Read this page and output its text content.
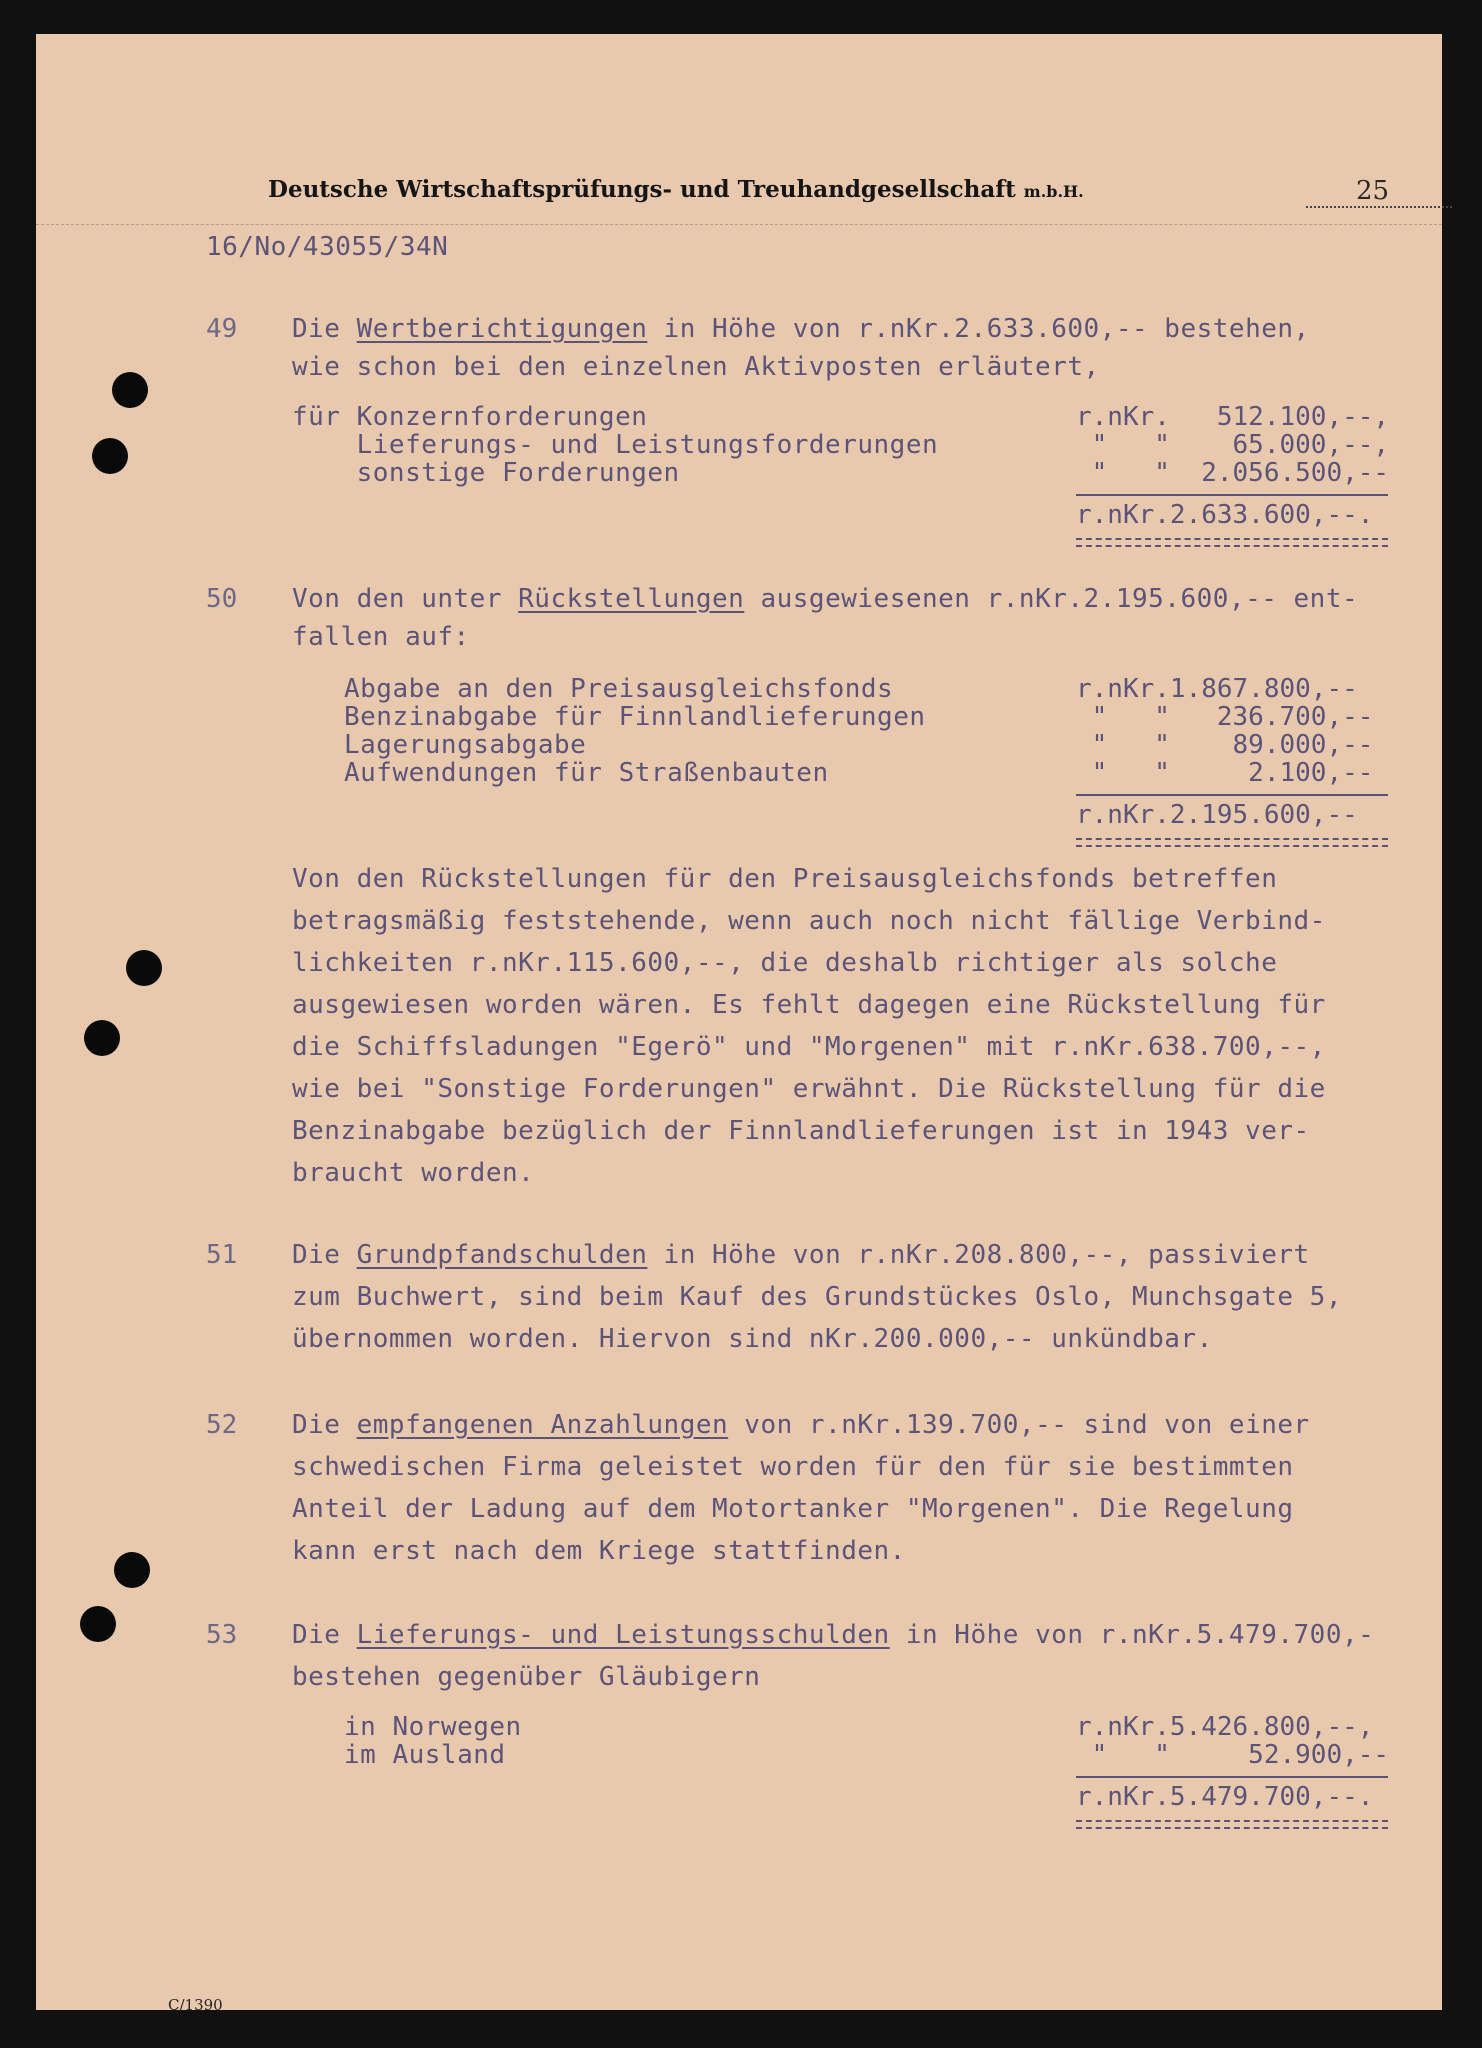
Deutsche Wirtschaftsprüfungs- und Treuhandgesellschaft m.b.H.	25
16/No/43055/34N
49 Die Wertberichtigungen in Höhe von r.nKr.2.633.600,-- bestehen,
wie schon bei den einzelnen Aktivposten erläutert,
für Konzernforderungen	r.nKr.   512.100,--,
Lieferungs- und Leistungsforderungen	"   "    65.000,--,
sonstige Forderungen	"   "  2.056.500,--
r.nKr.2.633.600,--.
50 Von den unter Rückstellungen ausgewiesenen r.nKr.2.195.600,-- ent-
fallen auf:
Abgabe an den Preisausgleichsfonds	r.nKr.1.867.800,--
Benzinabgabe für Finnlandlieferungen	"   "   236.700,--
Lagerungsabgabe	"   "    89.000,--
Aufwendungen für Straßenbauten	"   "     2.100,--
r.nKr.2.195.600,--
Von den Rückstellungen für den Preisausgleichsfonds betreffen
betragsmäßig feststehende, wenn auch noch nicht fällige Verbind-
lichkeiten r.nKr.115.600,--, die deshalb richtiger als solche
ausgewiesen worden wären. Es fehlt dagegen eine Rückstellung für
die Schiffsladungen "Egerö" und "Morgenen" mit r.nKr.638.700,--,
wie bei "Sonstige Forderungen" erwähnt. Die Rückstellung für die
Benzinabgabe bezüglich der Finnlandlieferungen ist in 1943 ver-
braucht worden.
51 Die Grundpfandschulden in Höhe von r.nKr.208.800,--, passiviert
zum Buchwert, sind beim Kauf des Grundstückes Oslo, Munchsgate 5,
übernommen worden. Hiervon sind nKr.200.000,-- unkündbar.
52 Die empfangenen Anzahlungen von r.nKr.139.700,-- sind von einer
schwedischen Firma geleistet worden für den für sie bestimmten
Anteil der Ladung auf dem Motortanker "Morgenen". Die Regelung
kann erst nach dem Kriege stattfinden.
53 Die Lieferungs- und Leistungsschulden in Höhe von r.nKr.5.479.700,-
bestehen gegenüber Gläubigern
in Norwegen	r.nKr.5.426.800,--,
im Ausland	"   "     52.900,--
r.nKr.5.479.700,--.
C/1390
